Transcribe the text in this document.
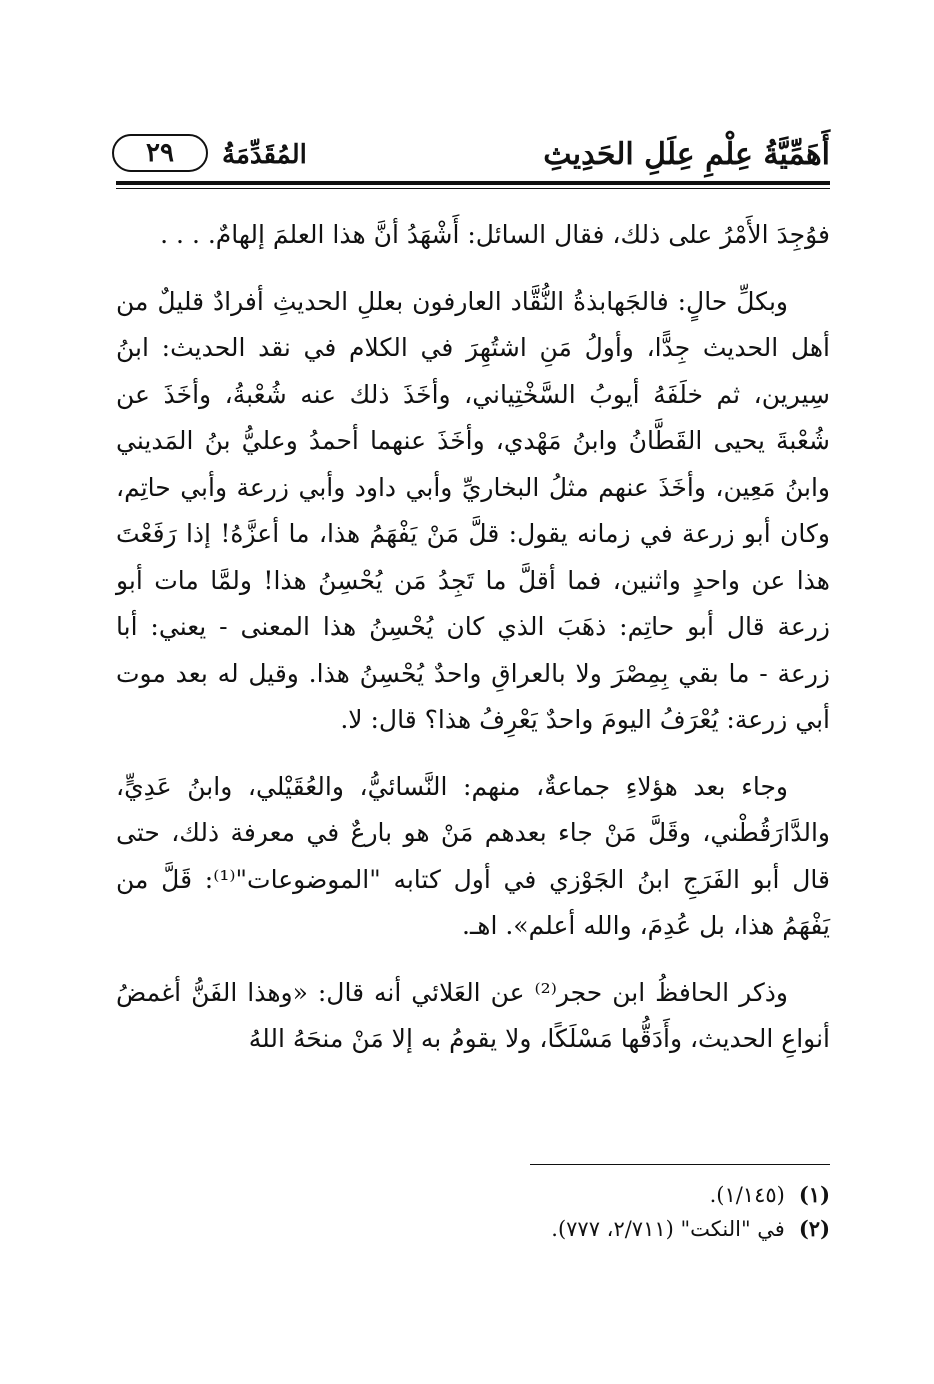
أَهَمِّيَّةُ عِلْمِ عِلَلِ الحَدِيثِ
المُقَدِّمَةُ
٢٩

فوُجِدَ الأَمْرُ على ذلك، فقال السائل: أَشْهَدُ أنَّ هذا العلمَ إلهامٌ. . . .

وبكلِّ حالٍ: فالجَهابذةُ النُّقَّاد العارفون بعللِ الحديثِ أفرادٌ قليلٌ من أهل الحديث جِدًّا، وأولُ مَنِ اشتُهِرَ في الكلام في نقد الحديث: ابنُ سِيرين، ثم خلَفَهُ أيوبُ السَّخْتِياني، وأخَذَ ذلك عنه شُعْبةُ، وأخَذَ عن شُعْبةَ يحيى القَطَّانُ وابنُ مَهْدي، وأخَذَ عنهما أحمدُ وعليُّ بنُ المَديني وابنُ مَعِين، وأخَذَ عنهم مثلُ البخاريِّ وأبي داود وأبي زرعة وأبي حاتِم، وكان أبو زرعة في زمانه يقول: قلَّ مَنْ يَفْهَمُ هذا، ما أعزَّهُ! إذا رَفَعْتَ هذا عن واحدٍ واثنين، فما أقلَّ ما تَجِدُ مَن يُحْسِنُ هذا! ولمَّا مات أبو زرعة قال أبو حاتِم: ذهَبَ الذي كان يُحْسِنُ هذا المعنى - يعني: أبا زرعة - ما بقي بِمِصْرَ ولا بالعراقِ واحدٌ يُحْسِنُ هذا. وقيل له بعد موت أبي زرعة: يُعْرَفُ اليومَ واحدٌ يَعْرِفُ هذا؟ قال: لا.

وجاء بعد هؤلاءِ جماعةٌ، منهم: النَّسائيُّ، والعُقَيْلي، وابنُ عَدِيٍّ، والدَّارَقُطْني، وقَلَّ مَنْ جاء بعدهم مَنْ هو بارعٌ في معرفة ذلك، حتى قال أبو الفَرَجِ ابنُ الجَوْزي في أول كتابه "الموضوعات"⁽¹⁾: قَلَّ من يَفْهَمُ هذا، بل عُدِمَ، والله أعلم». اهـ.

وذكر الحافظُ ابن حجر⁽²⁾ عن العَلائي أنه قال: «وهذا الفَنُّ أغمضُ أنواعِ الحديث، وأَدَقُّها مَسْلَكًا، ولا يقومُ به إلا مَنْ منحَهُ اللهُ

(١)(١/١٤٥).
(٢)في "النكت" (٢/٧١١، ٧٧٧).
